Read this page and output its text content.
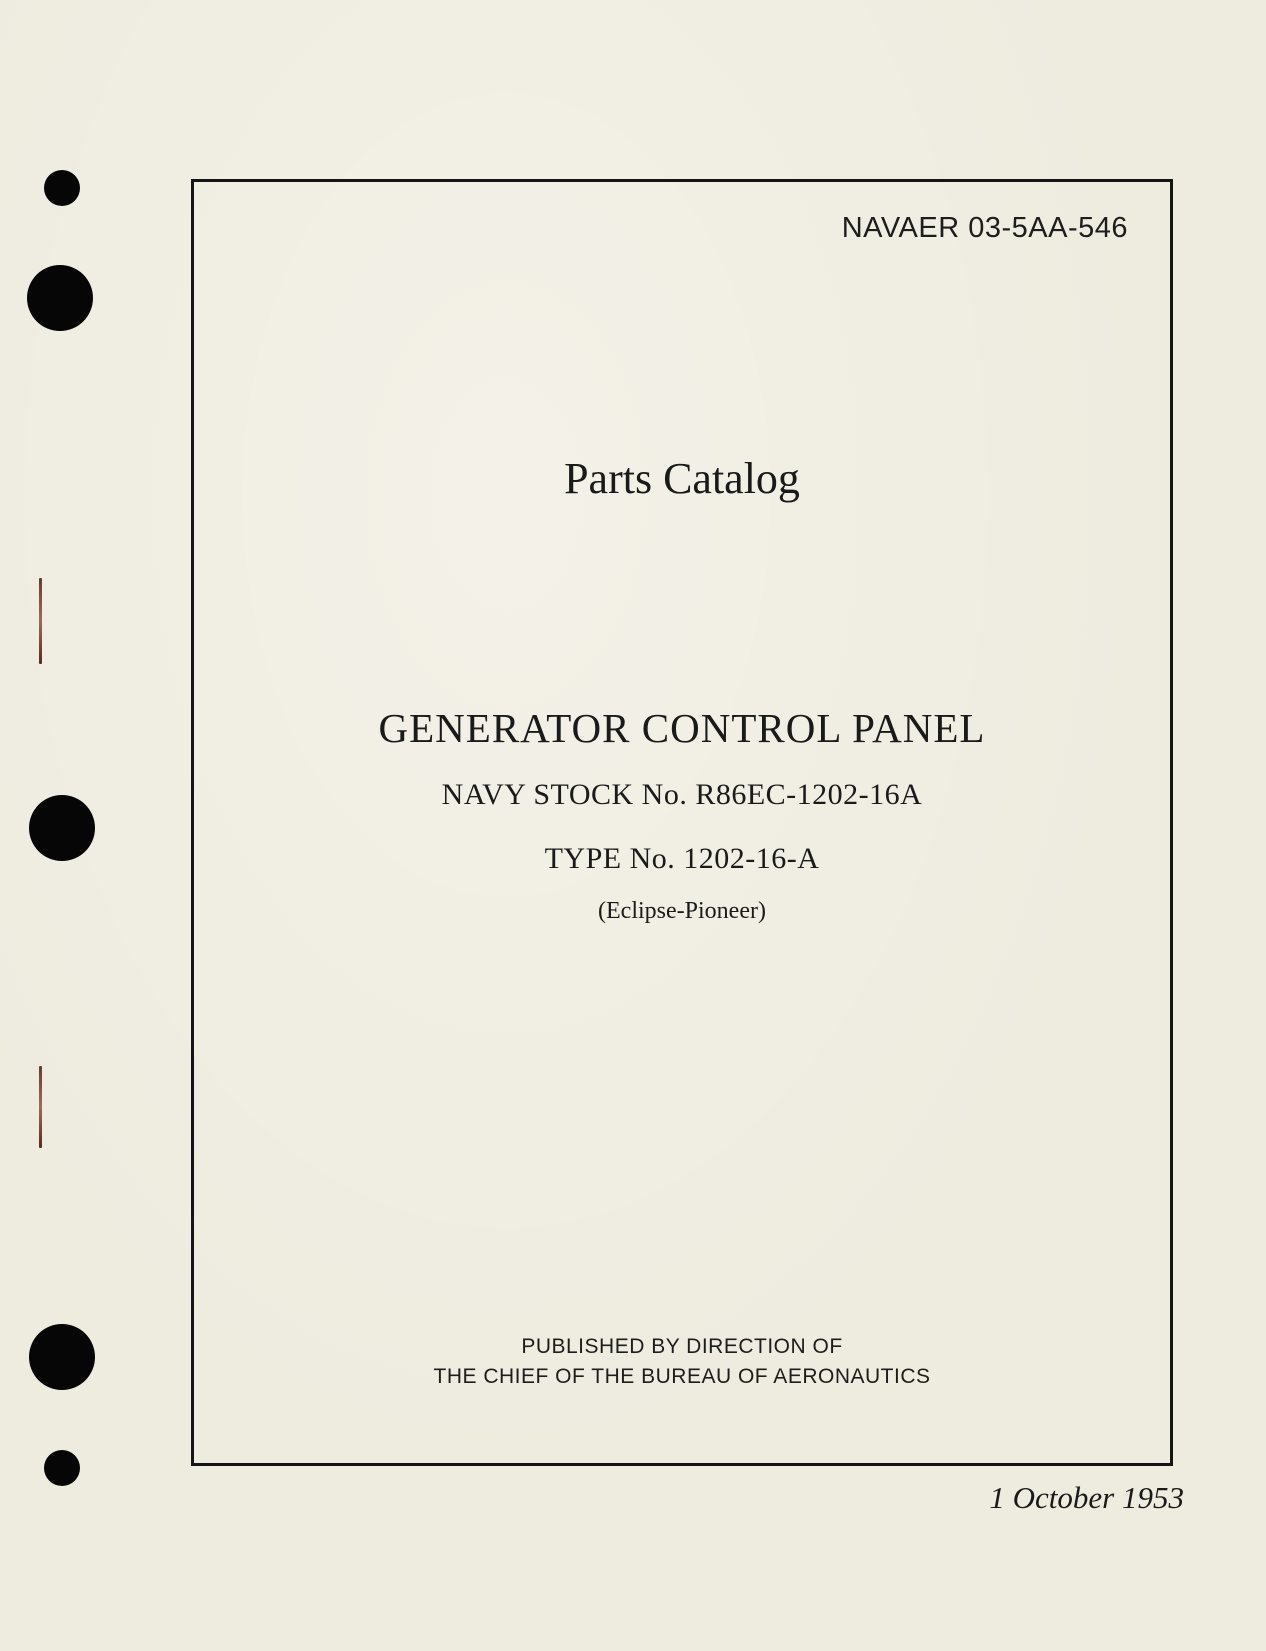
NAVAER 03-5AA-546
Parts Catalog
GENERATOR CONTROL PANEL
NAVY STOCK No. R86EC-1202-16A
TYPE No. 1202-16-A
(Eclipse-Pioneer)
PUBLISHED BY DIRECTION OF
THE CHIEF OF THE BUREAU OF AERONAUTICS
1 October 1953
